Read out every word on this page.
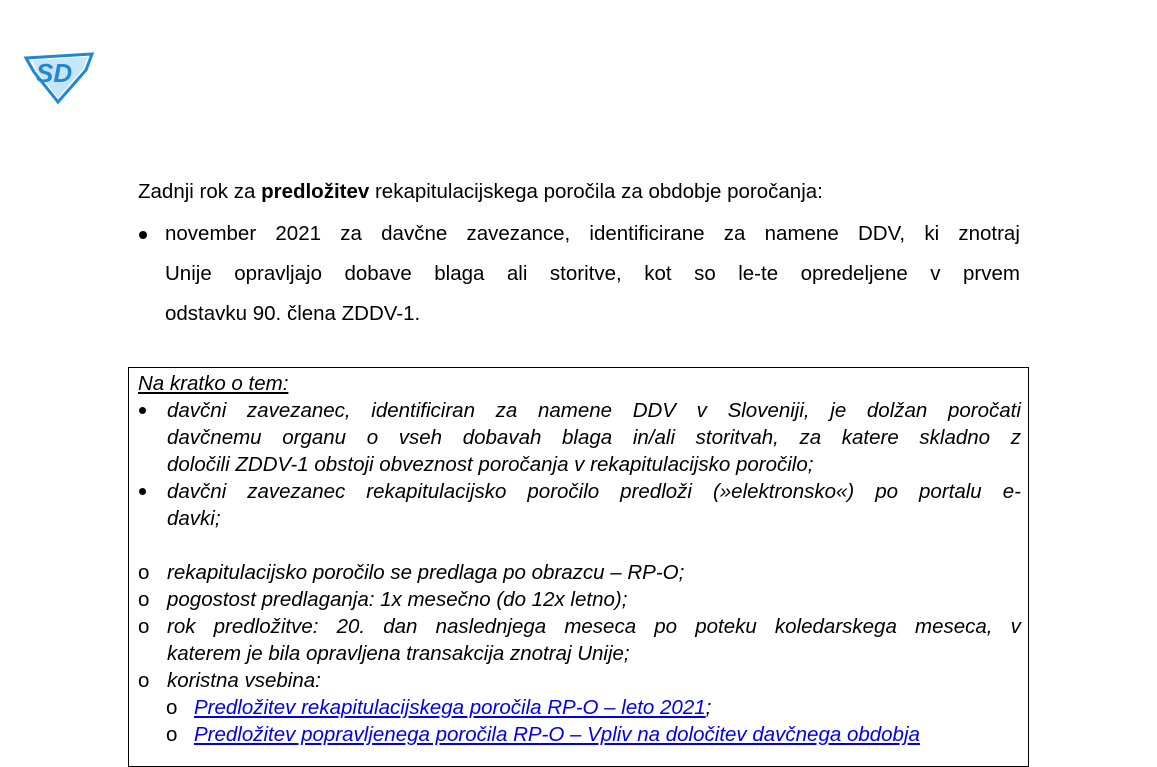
SD
Zadnji rok za predložitev rekapitulacijskega poročila za obdobje poročanja:
november 2021 za davčne zavezance, identificirane za namene DDV, ki znotraj
Unije opravljajo dobave blaga ali storitve, kot so le-te opredeljene v prvem
odstavku 90. člena ZDDV-1.
Na kratko o tem:
davčni zavezanec, identificiran za namene DDV v Sloveniji, je dolžan poročati
davčnemu organu o vseh dobavah blaga in/ali storitvah, za katere skladno z
določili ZDDV-1 obstoji obveznost poročanja v rekapitulacijsko poročilo;
davčni zavezanec rekapitulacijsko poročilo predloži (»elektronsko«) po portalu e-
davki;
o rekapitulacijsko poročilo se predlaga po obrazcu – RP-O;
o pogostost predlaganja: 1x mesečno (do 12x letno);
o rok predložitve: 20. dan naslednjega meseca po poteku koledarskega meseca, v
katerem je bila opravljena transakcija znotraj Unije;
o koristna vsebina:
o Predložitev rekapitulacijskega poročila RP-O – leto 2021;
o Predložitev popravljenega poročila RP-O – Vpliv na določitev davčnega obdobja
